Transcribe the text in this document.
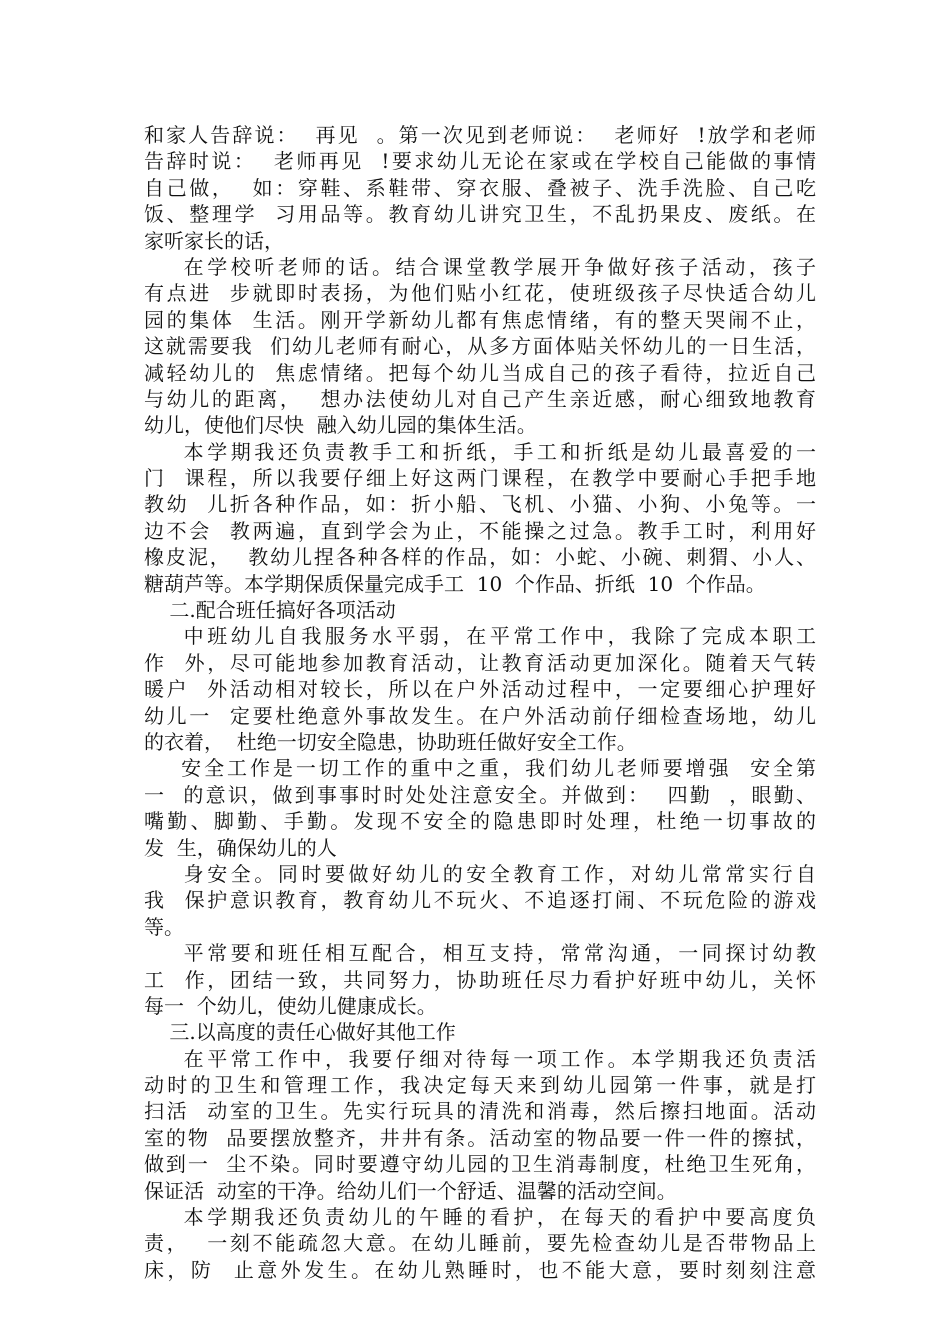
和家人告辞说：  再见  。第一次见到老师说：  老师好  !放学和老师
告辞时说：  老师再见  !要求幼儿无论在家或在学校自己能做的事情
自己做，  如：穿鞋、系鞋带、穿衣服、叠被子、洗手洗脸、自己吃
饭、整理学  习用品等。教育幼儿讲究卫生，不乱扔果皮、废纸。在
家听家长的话，
在学校听老师的话。结合课堂教学展开争做好孩子活动，孩子
有点进  步就即时表扬，为他们贴小红花，使班级孩子尽快适合幼儿
园的集体  生活。刚开学新幼儿都有焦虑情绪，有的整天哭闹不止，
这就需要我  们幼儿老师有耐心，从多方面体贴关怀幼儿的一日生活，
减轻幼儿的  焦虑情绪。把每个幼儿当成自己的孩子看待，拉近自己
与幼儿的距离，  想办法使幼儿对自己产生亲近感，耐心细致地教育
幼儿，使他们尽快  融入幼儿园的集体生活。
本学期我还负责教手工和折纸，手工和折纸是幼儿最喜爱的一
门  课程，所以我要仔细上好这两门课程，在教学中要耐心手把手地
教幼  儿折各种作品，如：折小船、飞机、小猫、小狗、小兔等。一
边不会  教两遍，直到学会为止，不能操之过急。教手工时，利用好
橡皮泥，  教幼儿捏各种各样的作品，如：小蛇、小碗、刺猬、小人、
糖葫芦等。本学期保质保量完成手工  10  个作品、折纸  10  个作品。
二.配合班任搞好各项活动
中班幼儿自我服务水平弱，在平常工作中，我除了完成本职工
作  外，尽可能地参加教育活动，让教育活动更加深化。随着天气转
暖户  外活动相对较长，所以在户外活动过程中，一定要细心护理好
幼儿一  定要杜绝意外事故发生。在户外活动前仔细检查场地，幼儿
的衣着，  杜绝一切安全隐患，协助班任做好安全工作。
安全工作是一切工作的重中之重，我们幼儿老师要增强  安全第
一  的意识，做到事事时时处处注意安全。并做到：  四勤  ，眼勤、
嘴勤、脚勤、手勤。发现不安全的隐患即时处理，杜绝一切事故的
发  生，确保幼儿的人
身安全。同时要做好幼儿的安全教育工作，对幼儿常常实行自
我  保护意识教育，教育幼儿不玩火、不追逐打闹、不玩危险的游戏
等。
平常要和班任相互配合，相互支持，常常沟通，一同探讨幼教
工  作，团结一致，共同努力，协助班任尽力看护好班中幼儿，关怀
每一  个幼儿，使幼儿健康成长。
三.以高度的责任心做好其他工作
在平常工作中，我要仔细对待每一项工作。本学期我还负责活
动时的卫生和管理工作，我决定每天来到幼儿园第一件事，就是打
扫活  动室的卫生。先实行玩具的清洗和消毒，然后擦扫地面。活动
室的物  品要摆放整齐，井井有条。活动室的物品要一件一件的擦拭，
做到一  尘不染。同时要遵守幼儿园的卫生消毒制度，杜绝卫生死角，
保证活  动室的干净。给幼儿们一个舒适、温馨的活动空间。
本学期我还负责幼儿的午睡的看护，在每天的看护中要高度负
责，  一刻不能疏忽大意。在幼儿睡前，要先检查幼儿是否带物品上
床，防  止意外发生。在幼儿熟睡时，也不能大意，要时刻刻注意
